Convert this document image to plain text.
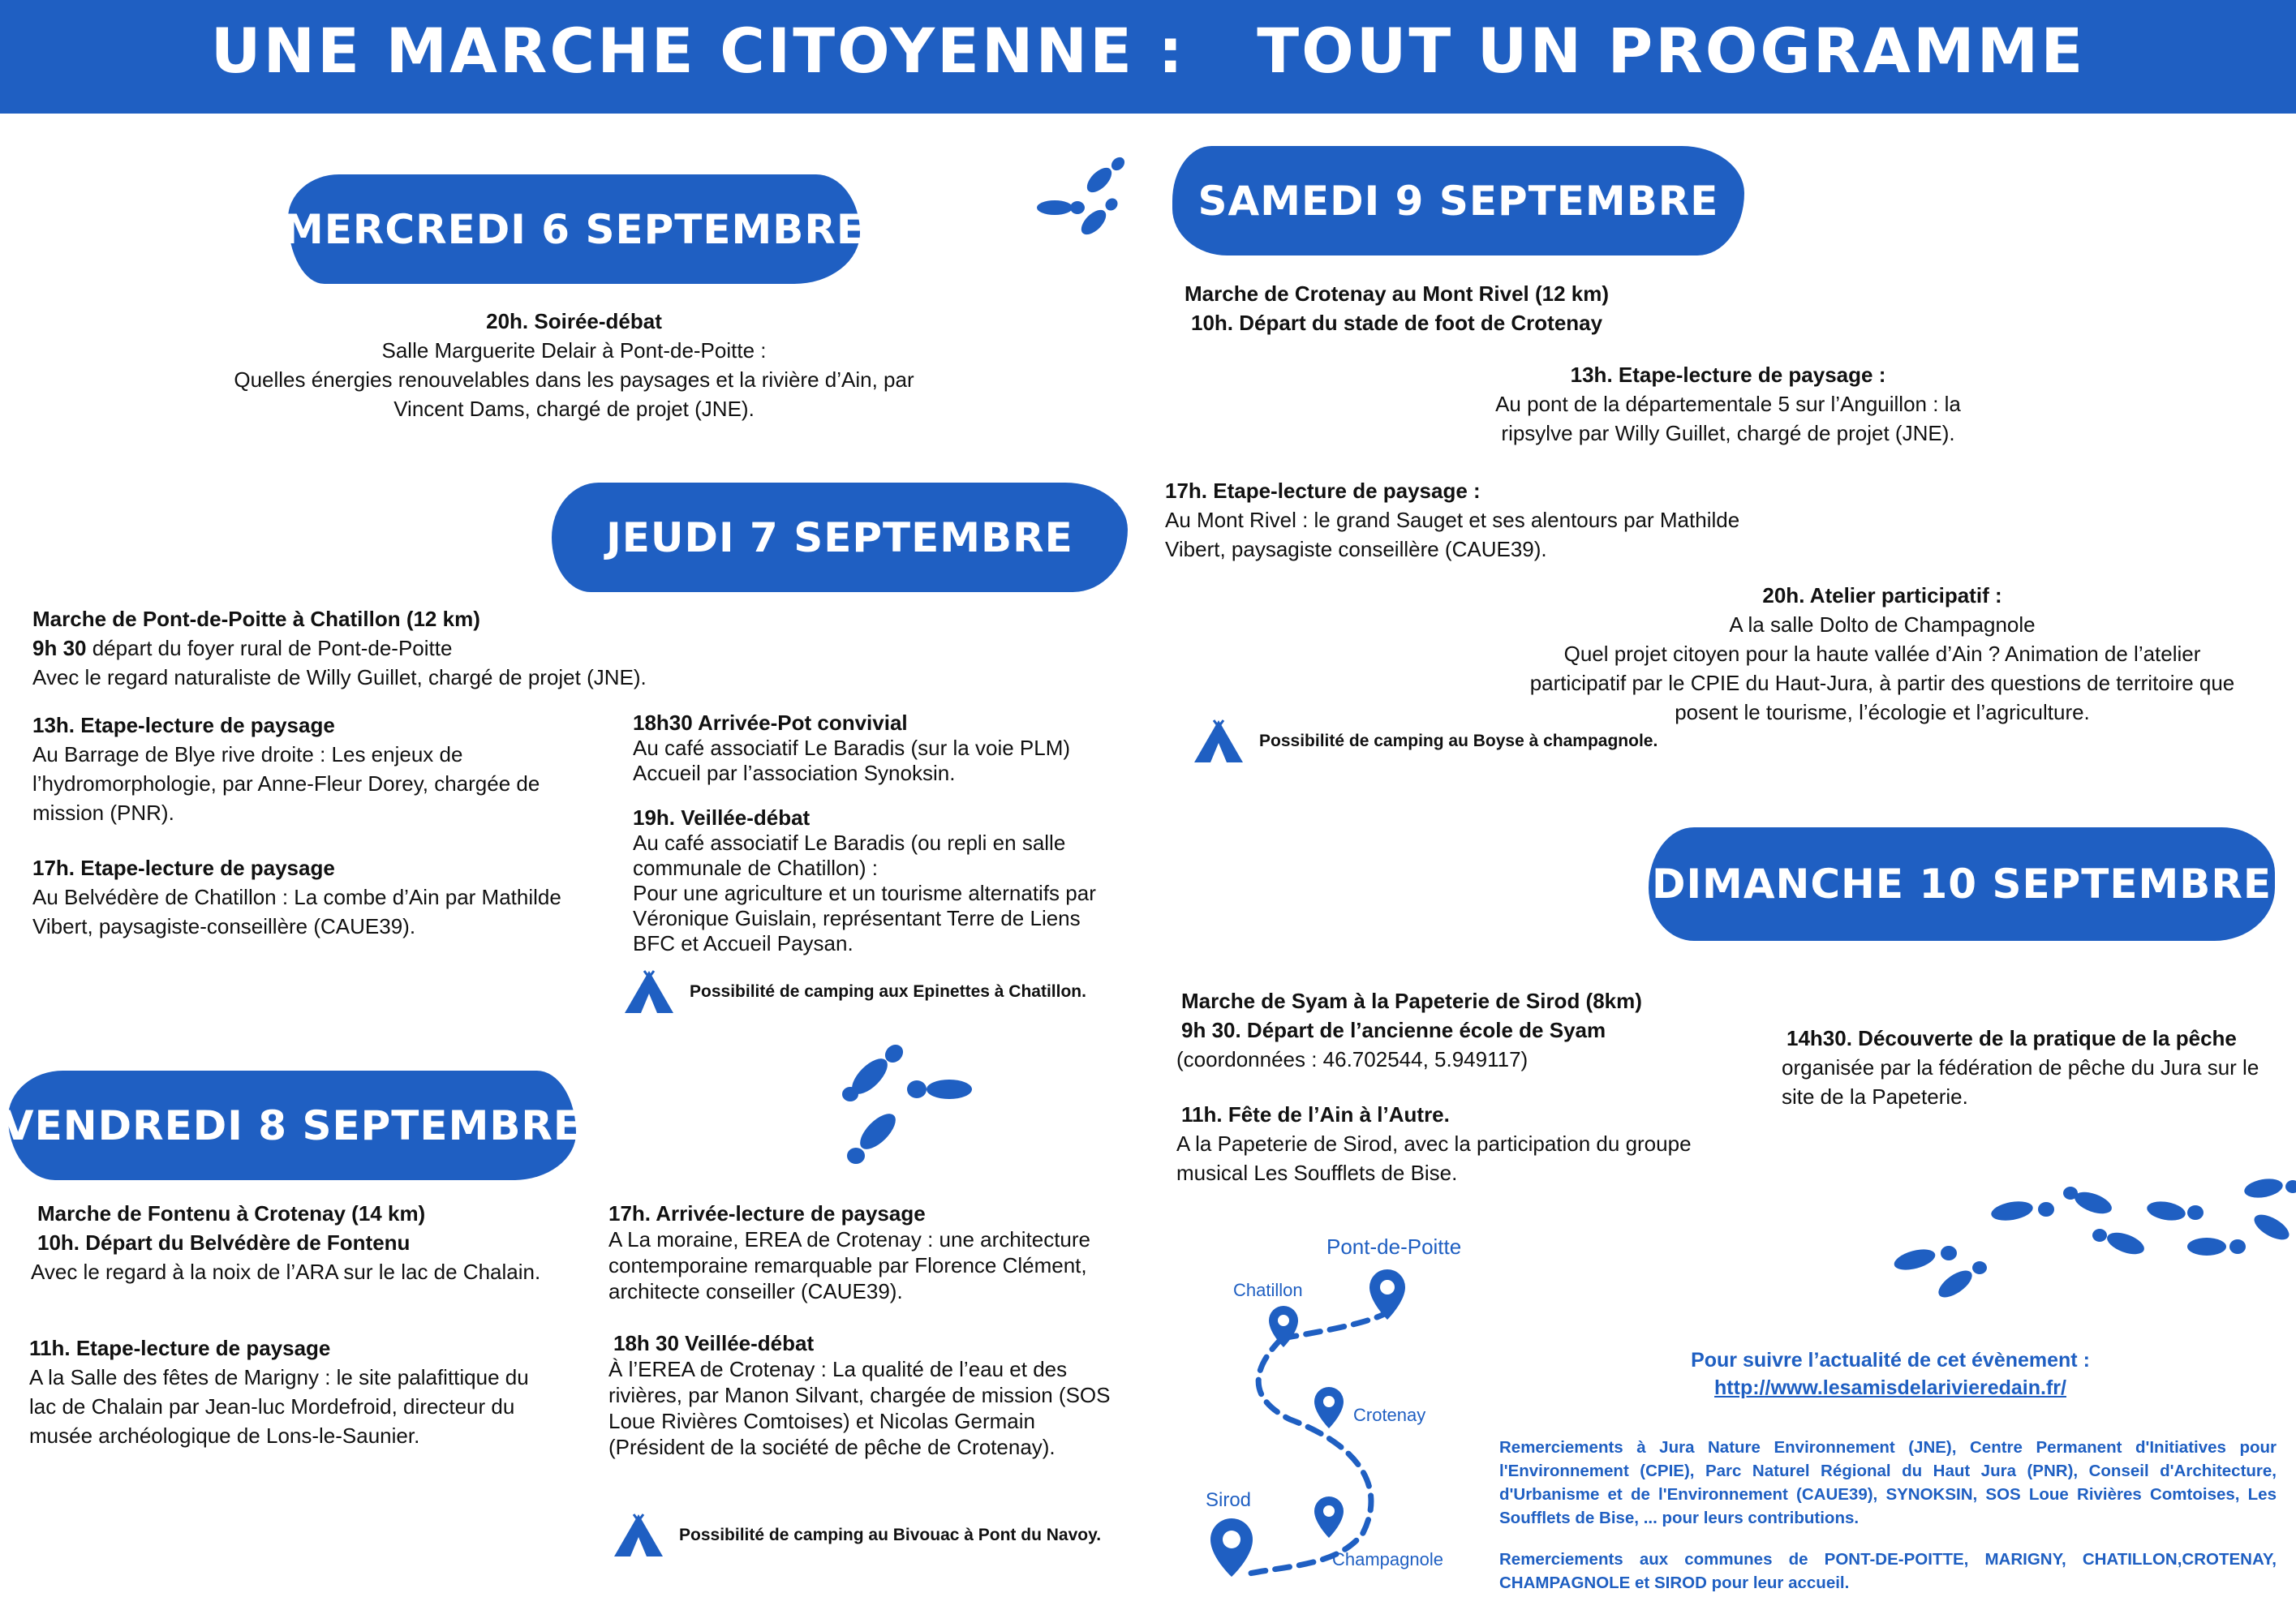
UNE MARCHE CITOYENNE :   TOUT UN PROGRAMME
MERCREDI 6 SEPTEMBRE
20h. Soirée-débat
Salle Marguerite Delair à Pont-de-Poitte :
Quelles énergies renouvelables dans les paysages et la rivière d’Ain, par
Vincent Dams, chargé de projet (JNE).
JEUDI 7 SEPTEMBRE
Marche de Pont-de-Poitte à Chatillon (12 km)
9h 30 départ du foyer rural de Pont-de-Poitte
Avec le regard naturaliste de Willy Guillet, chargé de projet (JNE).
13h. Etape-lecture de paysage
Au Barrage de Blye rive droite : Les enjeux de
l’hydromorphologie, par Anne-Fleur Dorey, chargée de
mission (PNR).
17h. Etape-lecture de paysage
Au Belvédère de Chatillon : La combe d’Ain par Mathilde
Vibert, paysagiste-conseillère (CAUE39).
18h30 Arrivée-Pot convivial
Au café associatif Le Baradis (sur la voie PLM)
Accueil par l’association Synoksin.
19h. Veillée-débat
Au café associatif Le Baradis (ou repli en salle
communale de Chatillon) :
Pour une agriculture et un tourisme alternatifs par
Véronique Guislain, représentant Terre de Liens
BFC et Accueil Paysan.
Possibilité de camping aux Epinettes à Chatillon.
VENDREDI 8 SEPTEMBRE
Marche de Fontenu à Crotenay (14 km)
10h. Départ du Belvédère de Fontenu
Avec le regard à la noix de l’ARA sur le lac de Chalain.
11h. Etape-lecture de paysage
A la Salle des fêtes de Marigny : le site palafittique du
lac de Chalain par Jean-luc Mordefroid, directeur du
musée archéologique de Lons-le-Saunier.
17h. Arrivée-lecture de paysage
A La moraine, EREA de Crotenay : une architecture
contemporaine remarquable par Florence Clément,
architecte conseiller (CAUE39).
18h 30 Veillée-débat
À l’EREA de Crotenay : La qualité de l’eau et des
rivières, par Manon Silvant, chargée de mission (SOS
Loue Rivières Comtoises) et Nicolas Germain
(Président de la société de pêche de Crotenay).
Possibilité de camping au Bivouac à Pont du Navoy.
SAMEDI 9 SEPTEMBRE
Marche de Crotenay au Mont Rivel (12 km)
10h. Départ du stade de foot de Crotenay
13h. Etape-lecture de paysage :
Au pont de la départementale 5 sur l’Anguillon : la
ripsylve par Willy Guillet, chargé de projet (JNE).
17h. Etape-lecture de paysage :
Au Mont Rivel : le grand Sauget et ses alentours par Mathilde
Vibert, paysagiste conseillère (CAUE39).
20h. Atelier participatif :
A la salle Dolto de Champagnole
Quel projet citoyen pour la haute vallée d’Ain ? Animation de l’atelier
participatif par le CPIE du Haut-Jura, à partir des questions de territoire que
posent le tourisme, l’écologie et l’agriculture.
Possibilité de camping au Boyse à champagnole.
DIMANCHE 10 SEPTEMBRE
Marche de Syam à la Papeterie de Sirod (8km)
9h 30. Départ de l’ancienne école de Syam
(coordonnées : 46.702544, 5.949117)
11h. Fête de l’Ain à l’Autre.
A la Papeterie de Sirod, avec la participation du groupe
musical Les Soufflets de Bise.
14h30. Découverte de la pratique de la pêche
organisée par la fédération de pêche du Jura sur le
site de la Papeterie.
Pont-de-Poitte
Chatillon
Crotenay
Sirod
Champagnole
Pour suivre l’actualité de cet évènement :
http://www.lesamisdelarivieredain.fr/
Remerciements à Jura Nature Environnement (JNE), Centre Permanent d'Initiatives pour l'Environnement (CPIE), Parc Naturel Régional du Haut Jura (PNR), Conseil d'Architecture, d'Urbanisme et de l'Environnement (CAUE39), SYNOKSIN, SOS Loue Rivières Comtoises, Les Soufflets de Bise, ... pour leurs contributions.
Remerciements aux communes de PONT-DE-POITTE, MARIGNY, CHATILLON,CROTENAY, CHAMPAGNOLE et SIROD pour leur accueil.
